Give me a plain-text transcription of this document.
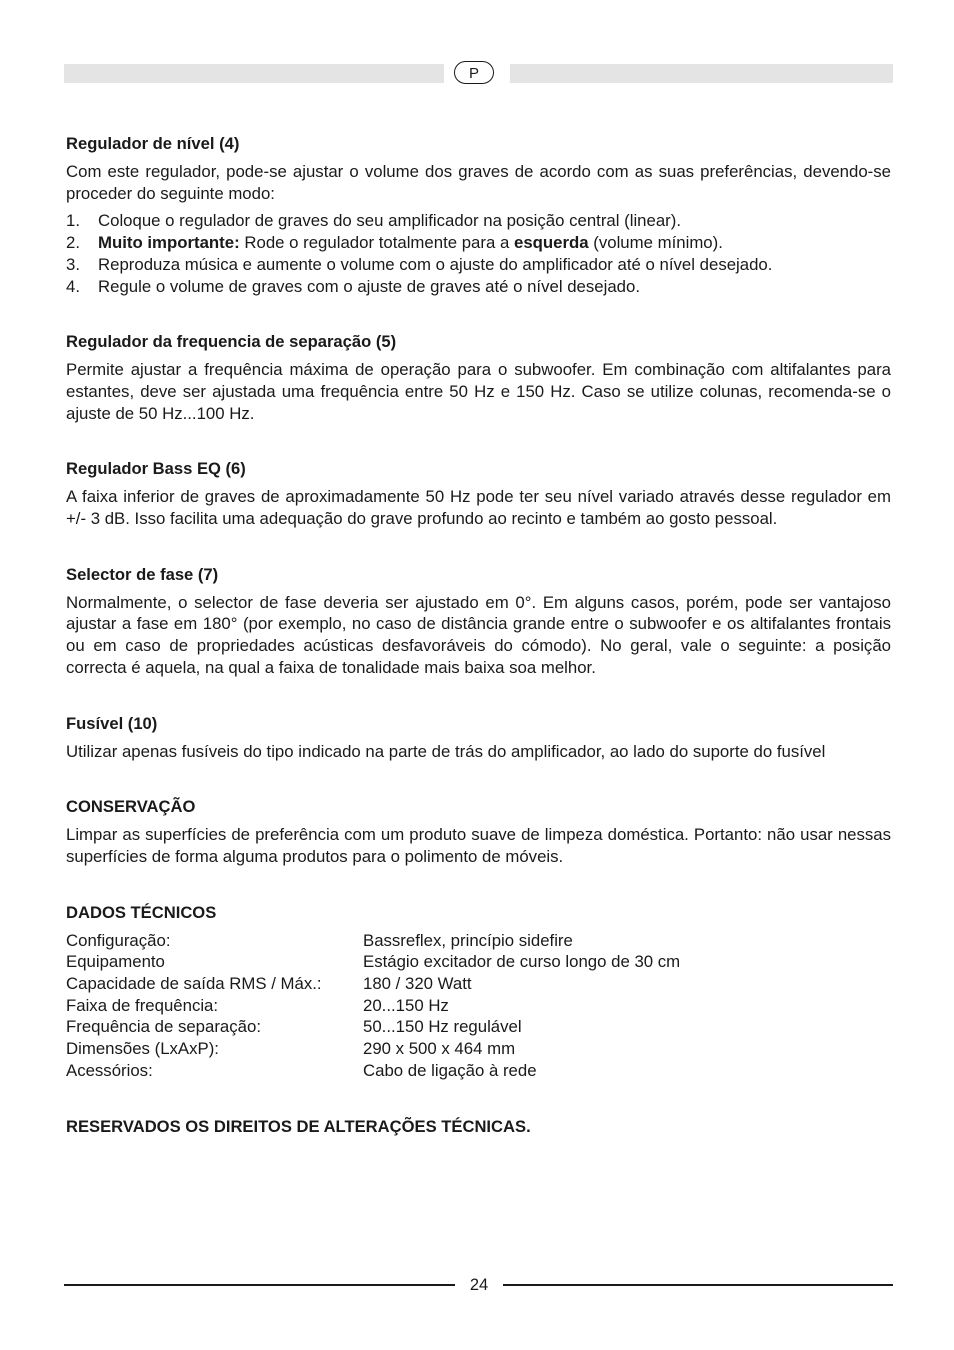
P
Regulador de nível (4)

Com este regulador, pode-se ajustar o volume dos graves de acordo com as suas preferências, devendo-se proceder do seguinte modo:

1.	Coloque o regulador de graves do seu amplificador na posição central (linear).
2.	Muito importante: Rode o regulador totalmente para a esquerda (volume mínimo).
3.	Reproduza música e aumente o volume com o ajuste do amplificador até o nível desejado.
4.	Regule o volume de graves com o ajuste de graves até o nível desejado.
Regulador da frequencia de separação (5)

Permite ajustar a frequência máxima de operação para o subwoofer. Em combinação com altifalantes para estantes, deve ser ajustada uma frequência entre 50 Hz e 150 Hz. Caso se utilize colunas, recomenda-se o ajuste de 50 Hz...100 Hz.

Regulador Bass EQ (6)

A faixa inferior de graves de aproximadamente 50 Hz pode ter seu nível variado através desse regulador em +/- 3 dB. Isso facilita uma adequação do grave profundo ao recinto e também ao gosto pessoal.

Selector de fase (7)

Normalmente, o selector de fase deveria ser ajustado em 0°. Em alguns casos, porém, pode ser vantajoso ajustar a fase em 180° (por exemplo, no caso de distância grande entre o subwoofer e os altifalantes frontais ou em caso de propriedades acústicas desfavoráveis do cómodo). No geral, vale o seguinte: a posição correcta é aquela, na qual a faixa de tonalidade mais baixa soa melhor.

Fusível (10)

Utilizar apenas fusíveis do tipo indicado na parte de trás do amplificador, ao lado do suporte do fusível

CONSERVAÇÃO

Limpar as superfícies de preferência com um produto suave de limpeza doméstica. Portanto: não usar nessas superfícies de forma alguma produtos para o polimento de móveis.

DADOS TÉCNICOS
Configuração:	Bassreflex, princípio sidefire
Equipamento	Estágio excitador de curso longo de 30 cm
Capacidade de saída RMS / Máx.:	180 / 320 Watt
Faixa de frequência:	20...150 Hz
Frequência de separação:	50...150 Hz regulável
Dimensões (LxAxP):	290 x 500 x 464 mm
Acessórios:	Cabo de ligação à rede
RESERVADOS OS DIREITOS DE ALTERAÇÕES TÉCNICAS.
24
